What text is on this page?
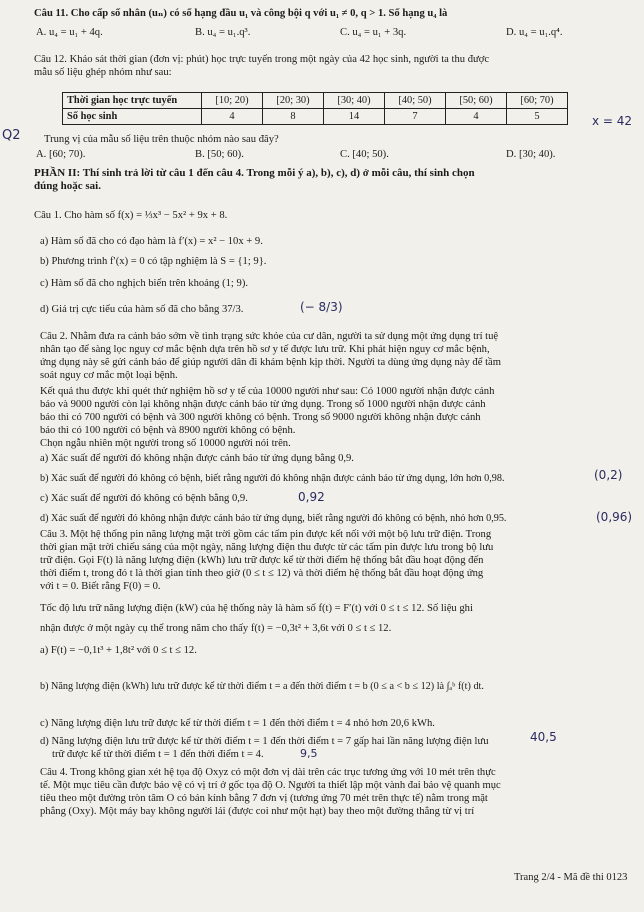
Câu 11. Cho cấp số nhân (uₙ) có số hạng đầu u₁ và công bội q với u₁ ≠ 0, q > 1. Số hạng u₄ là
A. u₄ = u₁ + 4q.	B. u₄ = u₁.q³.	C. u₄ = u₁ + 3q.	D. u₄ = u₁.q⁴.
Câu 12. Khảo sát thời gian (đơn vị: phút) học trực tuyến trong một ngày của 42 học sinh, người ta thu được
mẫu số liệu ghép nhóm như sau:
Thời gian học trực tuyến	[10; 20)	[20; 30)	[30; 40)	[40; 50)	[50; 60)	[60; 70)
Số học sinh	4	8	14	7	4	5
Q2
x = 42
Trung vị của mẫu số liệu trên thuộc nhóm nào sau đây?
A. [60; 70).	B. [50; 60).	C. [40; 50).	D. [30; 40).
PHẦN II: Thí sinh trả lời từ câu 1 đến câu 4. Trong mỗi ý a), b), c), d) ở mỗi câu, thí sinh chọn
đúng hoặc sai.
Câu 1. Cho hàm số f(x) = ⅓x³ − 5x² + 9x + 8.
a) Hàm số đã cho có đạo hàm là f′(x) = x² − 10x + 9.
b) Phương trình f′(x) = 0 có tập nghiệm là S = {1; 9}.
c) Hàm số đã cho nghịch biến trên khoảng (1; 9).
d) Giá trị cực tiểu của hàm số đã cho bằng 37/3.	(− 8/3)
Câu 2. Nhằm đưa ra cảnh báo sớm về tình trạng sức khỏe của cư dân, người ta sử dụng một ứng dụng trí tuệ
nhân tạo để sàng lọc nguy cơ mắc bệnh dựa trên hồ sơ y tế được lưu trữ. Khi phát hiện nguy cơ mắc bệnh,
ứng dụng này sẽ gửi cảnh báo để giúp người dân đi khám bệnh kịp thời. Người ta dùng ứng dụng này để tầm
soát nguy cơ mắc một loại bệnh.
Kết quả thu được khi quét thử nghiệm hồ sơ y tế của 10000 người như sau: Có 1000 người nhận được cảnh
báo và 9000 người còn lại không nhận được cảnh báo từ ứng dụng. Trong số 1000 người nhận được cảnh
báo thì có 700 người có bệnh và 300 người không có bệnh. Trong số 9000 người không nhận được cảnh
báo thì có 100 người có bệnh và 8900 người không có bệnh.
Chọn ngẫu nhiên một người trong số 10000 người nói trên.
a) Xác suất để người đó không nhận được cảnh báo từ ứng dụng bằng 0,9.
b) Xác suất để người đó không có bệnh, biết rằng người đó không nhận được cảnh báo từ ứng dụng, lớn hơn 0,98.	(0,2)
c) Xác suất để người đó không có bệnh bằng 0,9.	0,92
d) Xác suất để người đó không nhận được cảnh báo từ ứng dụng, biết rằng người đó không có bệnh, nhỏ hơn 0,95.	(0,96)
Câu 3. Một hệ thống pin năng lượng mặt trời gồm các tấm pin được kết nối với một bộ lưu trữ điện. Trong
thời gian mặt trời chiếu sáng của một ngày, năng lượng điện thu được từ các tấm pin được lưu trong bộ lưu
trữ điện. Gọi F(t) là năng lượng điện (kWh) lưu trữ được kể từ thời điểm hệ thống bắt đầu hoạt động đến
thời điểm t, trong đó t là thời gian tính theo giờ (0 ≤ t ≤ 12) và thời điểm hệ thống bắt đầu hoạt động ứng
với t = 0. Biết rằng F(0) = 0.
Tốc độ lưu trữ năng lượng điện (kW) của hệ thống này là hàm số f(t) = F′(t) với 0 ≤ t ≤ 12. Số liệu ghi
nhận được ở một ngày cụ thể trong năm cho thấy f(t) = −0,3t² + 3,6t với 0 ≤ t ≤ 12.
a) F(t) = −0,1t³ + 1,8t² với 0 ≤ t ≤ 12.
b) Năng lượng điện (kWh) lưu trữ được kể từ thời điểm t = a đến thời điểm t = b (0 ≤ a < b ≤ 12) là ∫ₐᵇ f(t) dt.
c) Năng lượng điện lưu trữ được kể từ thời điểm t = 1 đến thời điểm t = 4 nhỏ hơn 20,6 kWh.
40,5
d) Năng lượng điện lưu trữ được kể từ thời điểm t = 1 đến thời điểm t = 7 gấp hai lần năng lượng điện lưu
trữ được kể từ thời điểm t = 1 đến thời điểm t = 4.	9,5
Câu 4. Trong không gian xét hệ tọa độ Oxyz có một đơn vị dài trên các trục tương ứng với 10 mét trên thực
tế. Một mục tiêu cần được bảo vệ có vị trí ở gốc tọa độ O. Người ta thiết lập một vành đai bảo vệ quanh mục
tiêu theo một đường tròn tâm O có bán kính bằng 7 đơn vị (tương ứng 70 mét trên thực tế) nằm trong mặt
phẳng (Oxy). Một máy bay không người lái (được coi như một hạt) bay theo một đường thẳng từ vị trí
Trang 2/4 - Mã đề thi 0123
